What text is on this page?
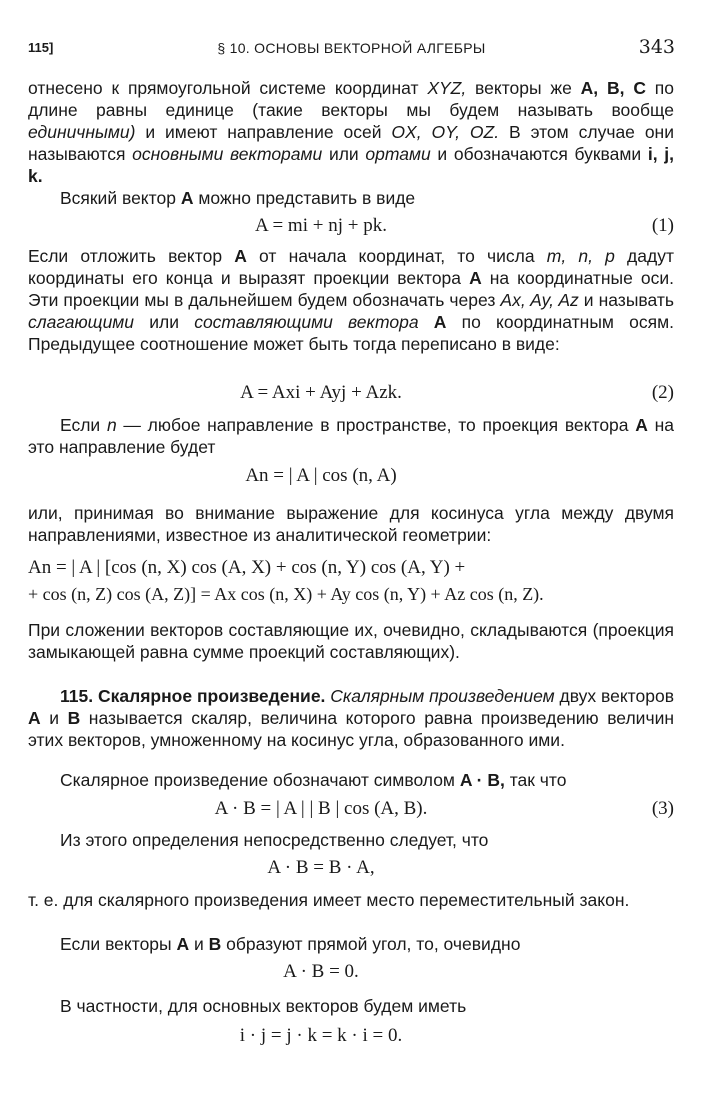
115]	§ 10. ОСНОВЫ ВЕКТОРНОЙ АЛГЕБРЫ	343

отнесено к прямоугольной системе координат XYZ, векторы же A, B, C по длине равны единице (такие векторы мы будем называть вообще единичными) и имеют направление осей OX, OY, OZ. В этом случае они называются основными векторами или ортами и обозначаются буквами i, j, k.

Всякий вектор A можно представить в виде

A = mi + nj + pk.	(1)

Если отложить вектор A от начала координат, то числа m, n, p дадут координаты его конца и выразят проекции вектора A на координатные оси. Эти проекции мы в дальнейшем будем обозначать через Ax, Ay, Az и называть слагающими или составляющими вектора A по координатным осям. Предыдущее соотношение может быть тогда переписано в виде:

A = Axi + Ayj + Azk.	(2)

Если n — любое направление в пространстве, то проекция вектора A на это направление будет

An = | A | cos (n, A)

или, принимая во внимание выражение для косинуса угла между двумя направлениями, известное из аналитической геометрии:

An = | A | [cos (n, X) cos (A, X) + cos (n, Y) cos (A, Y) +
+ cos (n, Z) cos (A, Z)] = Ax cos (n, X) + Ay cos (n, Y) + Az cos (n, Z).

При сложении векторов составляющие их, очевидно, складываются (проекция замыкающей равна сумме проекций составляющих).

115. Скалярное произведение. Скалярным произведением двух векторов A и B называется скаляр, величина которого равна произведению величин этих векторов, умноженному на косинус угла, образованного ими.

Скалярное произведение обозначают символом A · B, так что

A · B = | A | | B | cos (A, B).	(3)

Из этого определения непосредственно следует, что

A · B = B · A,

т. е. для скалярного произведения имеет место переместительный закон.

Если векторы A и B образуют прямой угол, то, очевидно

A · B = 0.

В частности, для основных векторов будем иметь

i · j = j · k = k · i = 0.
